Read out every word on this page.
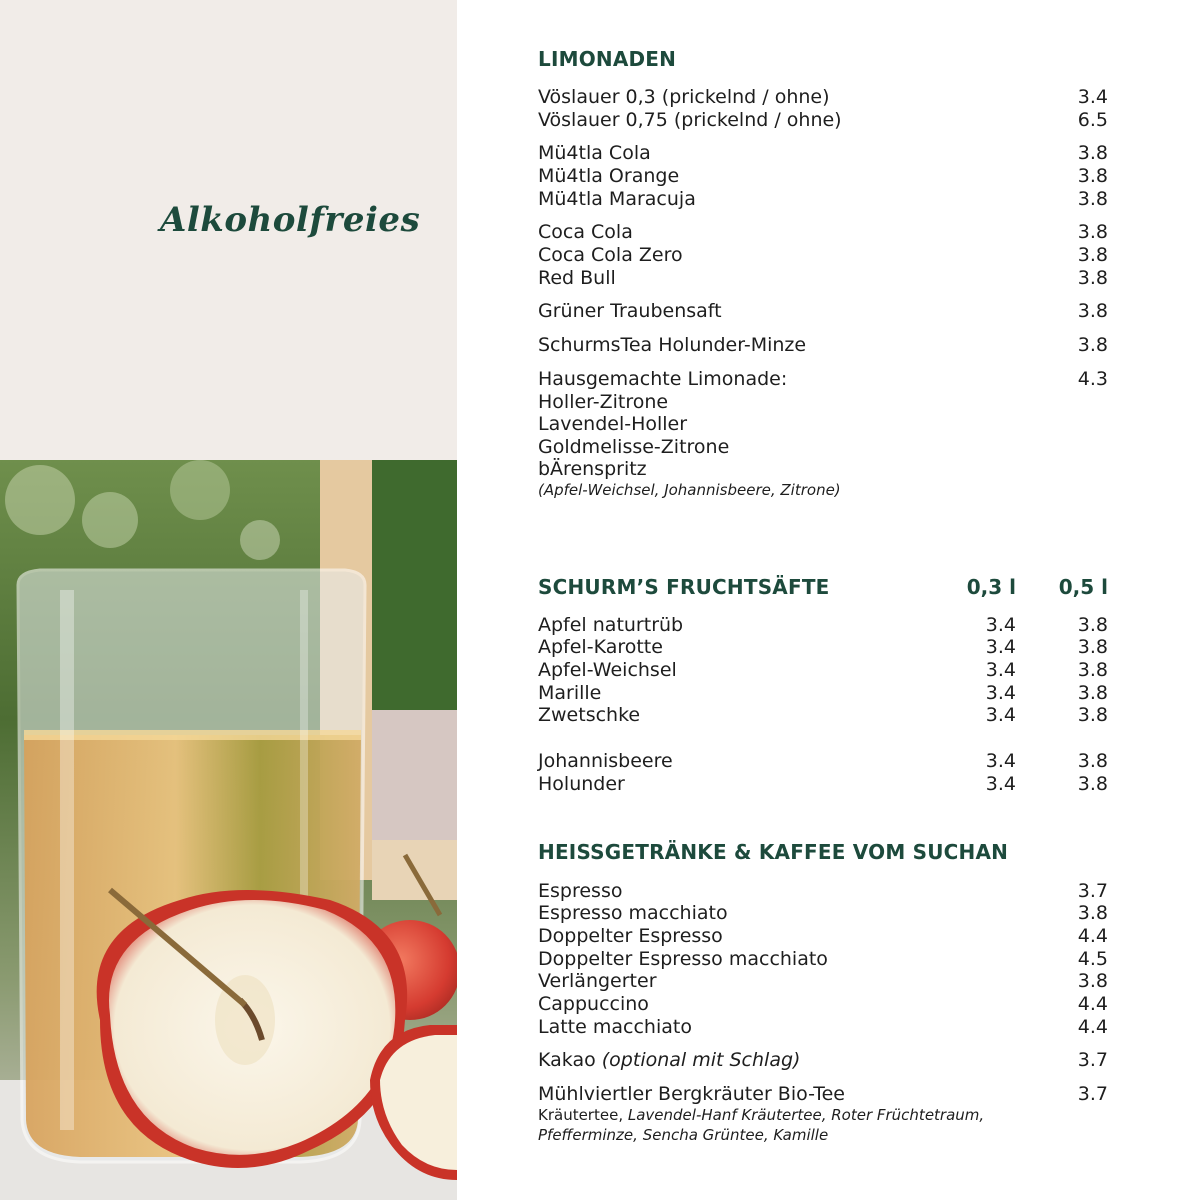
Alkoholfreies
LIMONADEN
Vöslauer 0,3 (prickelnd / ohne)	3.4
Vöslauer 0,75 (prickelnd / ohne)	6.5
Mü4tla Cola	3.8
Mü4tla Orange	3.8
Mü4tla Maracuja	3.8
Coca Cola	3.8
Coca Cola Zero	3.8
Red Bull	3.8
Grüner Traubensaft	3.8
SchurmsTea Holunder-Minze	3.8
Hausgemachte Limonade:	4.3
Holler-Zitrone
Lavendel-Holler
Goldmelisse-Zitrone
bÄrenspritz
(Apfel-Weichsel, Johannisbeere, Zitrone)
SCHURM’S FRUCHTSÄFTE	0,3 l	0,5 l
Apfel naturtrüb	3.4	3.8
Apfel-Karotte	3.4	3.8
Apfel-Weichsel	3.4	3.8
Marille	3.4	3.8
Zwetschke	3.4	3.8
Johannisbeere	3.4	3.8
Holunder	3.4	3.8
HEISSGETRÄNKE & KAFFEE VOM SUCHAN
Espresso	3.7
Espresso macchiato	3.8
Doppelter Espresso	4.4
Doppelter Espresso macchiato	4.5
Verlängerter	3.8
Cappuccino	4.4
Latte macchiato	4.4
Kakao (optional mit Schlag)	3.7
Mühlviertler Bergkräuter Bio-Tee	3.7
Kräutertee, Lavendel-Hanf Kräutertee, Roter Früchtetraum,
Pfefferminze, Sencha Grüntee, Kamille
